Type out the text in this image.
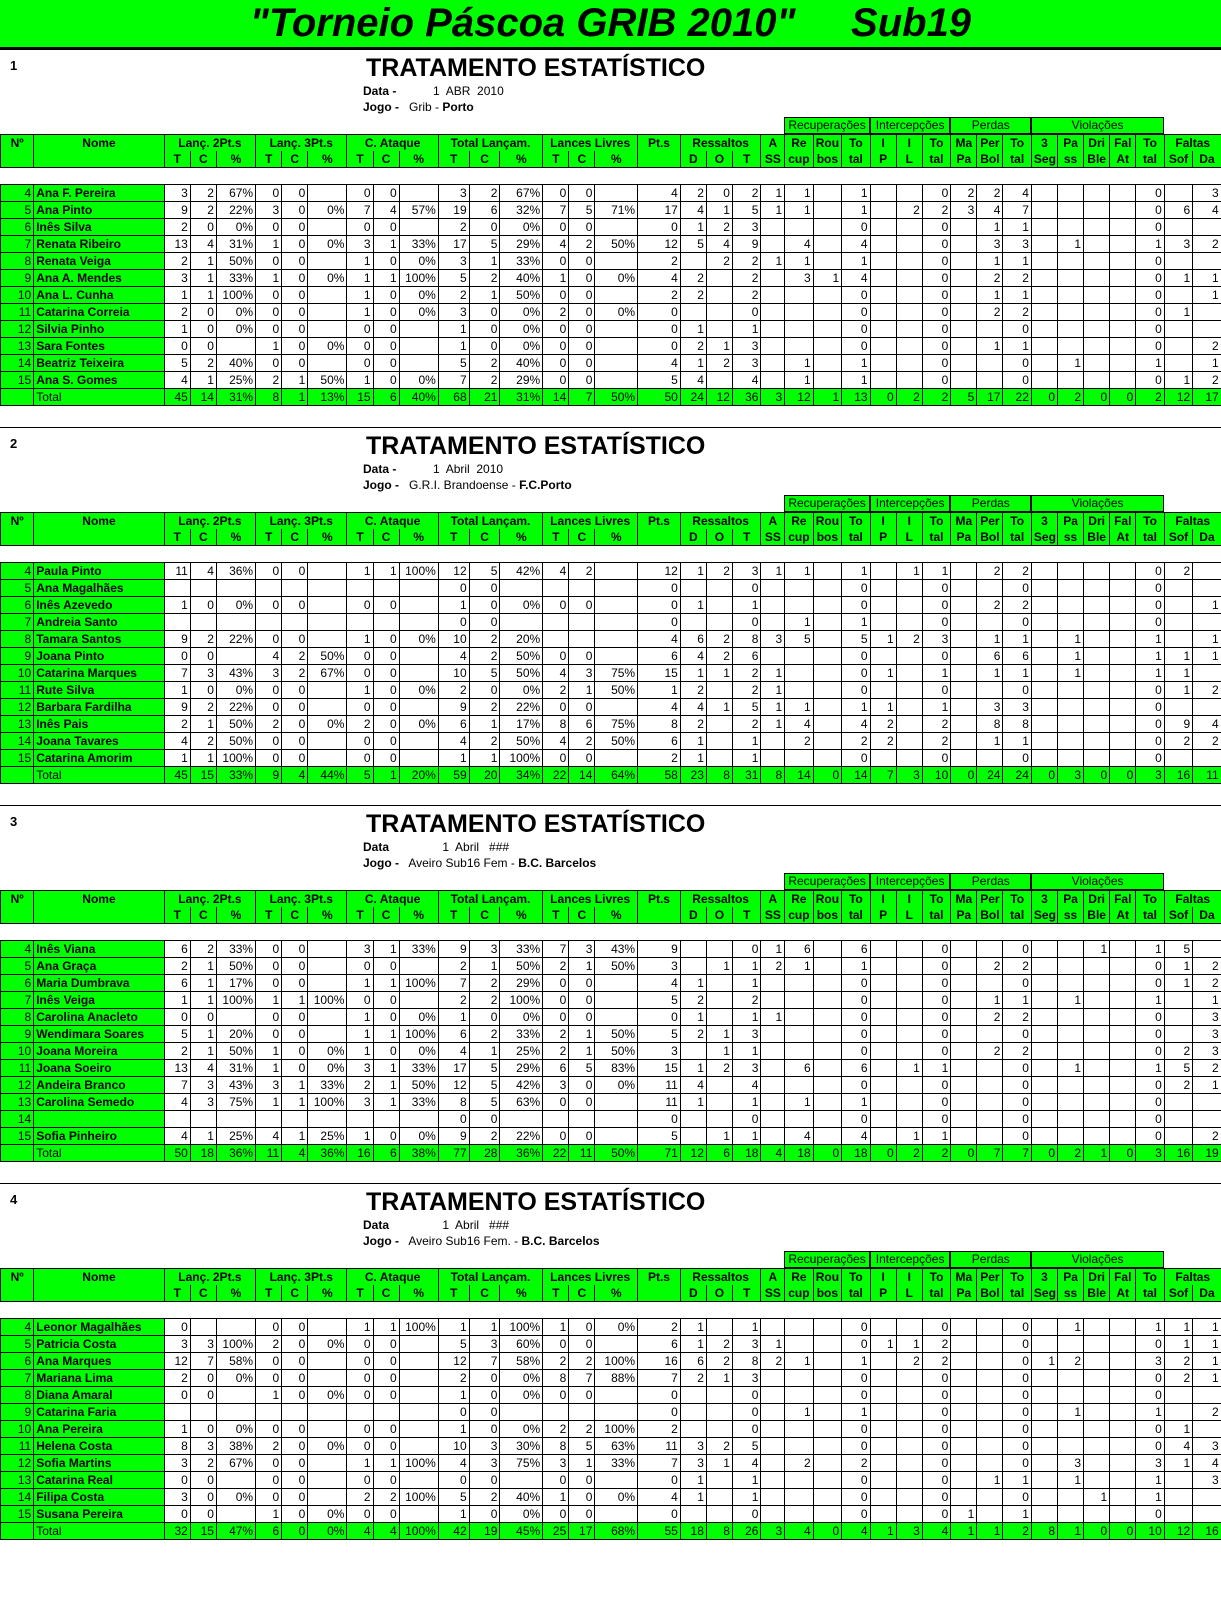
"Torneio Páscoa GRIB 2010"     Sub19
1	TRATAMENTO ESTATÍSTICO
Data -	1  ABR  2010
Jogo - Grib - Porto
Recuperações Intercepções	Perdas	Violações
Nº	Nome	Lanç. 2Pt.s			Lanç. 3Pt.s			C. Ataque			Total Lançam.			Lances Livres			Pt.s	Ressaltos			A	Re	Rou	To	I	I	To	Ma	Per	To	3	Pa	Dri	Fal	To	Faltas	
		T	C	%	T	C	%	T	C	%	T	C	%	T	C	%		D	O	T	SS	cup	bos	tal	P	L	tal	Pa	Bol	tal	Seg	ss	Ble	At	tal	Sof	Da

4	Ana F. Pereira	3	2	67%	0	0		0	0		3	2	67%	0	0		4	2	0	2	1	1		1			0	2	2	4					0		3
5	Ana Pinto	9	2	22%	3	0	0%	7	4	57%	19	6	32%	7	5	71%	17	4	1	5	1	1		1		2	2	3	4	7					0	6	4
6	Inês Silva	2	0	0%	0	0		0	0		2	0	0%	0	0		0	1	2	3				0			0		1	1					0		
7	Renata Ribeiro	13	4	31%	1	0	0%	3	1	33%	17	5	29%	4	2	50%	12	5	4	9		4		4			0		3	3		1			1	3	2
8	Renata Veiga	2	1	50%	0	0		1	0	0%	3	1	33%	0	0		2		2	2	1	1		1			0		1	1					0		
9	Ana A. Mendes	3	1	33%	1	0	0%	1	1	100%	5	2	40%	1	0	0%	4	2		2		3	1	4			0		2	2					0	1	1
10	Ana L. Cunha	1	1	100%	0	0		1	0	0%	2	1	50%	0	0		2	2		2				0			0		1	1					0		1
11	Catarina Correia	2	0	0%	0	0		1	0	0%	3	0	0%	2	0	0%	0			0				0			0		2	2					0	1	
12	Silvia Pinho	1	0	0%	0	0		0	0		1	0	0%	0	0		0	1		1				0			0			0					0		
13	Sara Fontes	0	0		1	0	0%	0	0		1	0	0%	0	0		0	2	1	3				0			0		1	1					0		2
14	Beatriz Teixeira	5	2	40%	0	0		0	0		5	2	40%	0	0		4	1	2	3		1		1			0			0		1			1		1
15	Ana S. Gomes	4	1	25%	2	1	50%	1	0	0%	7	2	29%	0	0		5	4		4		1		1			0			0					0	1	2
	Total	45	14	31%	8	1	13%	15	6	40%	68	21	31%	14	7	50%	50	24	12	36	3	12	1	13	0	2	2	5	17	22	0	2	0	0	2	12	17
2	TRATAMENTO ESTATÍSTICO
Data -	1  Abril  2010
Jogo - G.R.I. Brandoense - F.C.Porto
Recuperações Intercepções	Perdas	Violações
Nº	Nome	Lanç. 2Pt.s			Lanç. 3Pt.s			C. Ataque			Total Lançam.			Lances Livres			Pt.s	Ressaltos			A	Re	Rou	To	I	I	To	Ma	Per	To	3	Pa	Dri	Fal	To	Faltas	
		T	C	%	T	C	%	T	C	%	T	C	%	T	C	%		D	O	T	SS	cup	bos	tal	P	L	tal	Pa	Bol	tal	Seg	ss	Ble	At	tal	Sof	Da

4	Paula Pinto	11	4	36%	0	0		1	1	100%	12	5	42%	4	2		12	1	2	3	1	1		1		1	1		2	2					0	2	
5	Ana Magalhães										0	0					0			0				0			0			0					0		
6	Inês Azevedo	1	0	0%	0	0		0	0		1	0	0%	0	0		0	1		1				0			0		2	2					0		1
7	Andreia Santo										0	0					0			0		1		1			0			0					0		
8	Tamara Santos	9	2	22%	0	0		1	0	0%	10	2	20%				4	6	2	8	3	5		5	1	2	3		1	1		1			1		1
9	Joana Pinto	0	0		4	2	50%	0	0		4	2	50%	0	0		6	4	2	6				0			0		6	6		1			1	1	1
10	Catarina Marques	7	3	43%	3	2	67%	0	0		10	5	50%	4	3	75%	15	1	1	2	1			0	1		1		1	1		1			1	1	
11	Rute Silva	1	0	0%	0	0		1	0	0%	2	0	0%	2	1	50%	1	2		2	1			0			0			0					0	1	2
12	Barbara Fardilha	9	2	22%	0	0		0	0		9	2	22%	0	0		4	4	1	5	1	1		1	1		1		3	3					0		
13	Inês Pais	2	1	50%	2	0	0%	2	0	0%	6	1	17%	8	6	75%	8	2		2	1	4		4	2		2		8	8					0	9	4
14	Joana Tavares	4	2	50%	0	0		0	0		4	2	50%	4	2	50%	6	1		1		2		2	2		2		1	1					0	2	2
15	Catarina Amorim	1	1	100%	0	0		0	0		1	1	100%	0	0		2	1		1				0			0			0					0		
	Total	45	15	33%	9	4	44%	5	1	20%	59	20	34%	22	14	64%	58	23	8	31	8	14	0	14	7	3	10	0	24	24	0	3	0	0	3	16	11
3	TRATAMENTO ESTATÍSTICO
Data	1  Abril   ###
Jogo - Aveiro Sub16 Fem - B.C. Barcelos
Recuperações Intercepções	Perdas	Violações
Nº	Nome	Lanç. 2Pt.s			Lanç. 3Pt.s			C. Ataque			Total Lançam.			Lances Livres			Pt.s	Ressaltos			A	Re	Rou	To	I	I	To	Ma	Per	To	3	Pa	Dri	Fal	To	Faltas	
		T	C	%	T	C	%	T	C	%	T	C	%	T	C	%		D	O	T	SS	cup	bos	tal	P	L	tal	Pa	Bol	tal	Seg	ss	Ble	At	tal	Sof	Da

4	Inês Viana	6	2	33%	0	0		3	1	33%	9	3	33%	7	3	43%	9			0	1	6		6			0			0			1		1	5	
5	Ana Graça	2	1	50%	0	0		0	0		2	1	50%	2	1	50%	3		1	1	2	1		1			0		2	2					0	1	2
6	Maria Dumbrava	6	1	17%	0	0		1	1	100%	7	2	29%	0	0		4	1		1				0			0			0					0	1	2
7	Inês Veiga	1	1	100%	1	1	100%	0	0		2	2	100%	0	0		5	2		2				0			0		1	1		1			1		1
8	Carolina Anacleto	0	0		0	0		1	0	0%	1	0	0%	0	0		0	1		1	1			0			0		2	2					0		3
9	Wendimara Soares	5	1	20%	0	0		1	1	100%	6	2	33%	2	1	50%	5	2	1	3				0			0			0					0		3
10	Joana Moreira	2	1	50%	1	0	0%	1	0	0%	4	1	25%	2	1	50%	3		1	1				0			0		2	2					0	2	3
11	Joana Soeiro	13	4	31%	1	0	0%	3	1	33%	17	5	29%	6	5	83%	15	1	2	3		6		6		1	1			0		1			1	5	2
12	Andeira Branco	7	3	43%	3	1	33%	2	1	50%	12	5	42%	3	0	0%	11	4		4				0			0			0					0	2	1
13	Carolina Semedo	4	3	75%	1	1	100%	3	1	33%	8	5	63%	0	0		11	1		1		1		1			0			0					0		
14											0	0					0			0				0			0			0					0		
15	Sofia Pinheiro	4	1	25%	4	1	25%	1	0	0%	9	2	22%	0	0		5		1	1		4		4		1	1			0					0		2
	Total	50	18	36%	11	4	36%	16	6	38%	77	28	36%	22	11	50%	71	12	6	18	4	18	0	18	0	2	2	0	7	7	0	2	1	0	3	16	19
4	TRATAMENTO ESTATÍSTICO
Data	1  Abril   ###
Jogo - Aveiro Sub16 Fem. - B.C. Barcelos
Recuperações Intercepções	Perdas	Violações
Nº	Nome	Lanç. 2Pt.s			Lanç. 3Pt.s			C. Ataque			Total Lançam.			Lances Livres			Pt.s	Ressaltos			A	Re	Rou	To	I	I	To	Ma	Per	To	3	Pa	Dri	Fal	To	Faltas	
		T	C	%	T	C	%	T	C	%	T	C	%	T	C	%		D	O	T	SS	cup	bos	tal	P	L	tal	Pa	Bol	tal	Seg	ss	Ble	At	tal	Sof	Da

4	Leonor Magalhães	0			0	0		1	1	100%	1	1	100%	1	0	0%	2	1		1				0			0			0		1			1	1	1
5	Patricia Costa	3	3	100%	2	0	0%	0	0		5	3	60%	0	0		6	1	2	3	1			0	1	1	2			0					0	1	1
6	Ana Marques	12	7	58%	0	0		0	0		12	7	58%	2	2	100%	16	6	2	8	2	1		1		2	2			0	1	2			3	2	1
7	Mariana Lima	2	0	0%	0	0		0	0		2	0	0%	8	7	88%	7	2	1	3				0			0			0					0	2	1
8	Diana Amaral	0	0		1	0	0%	0	0		1	0	0%	0	0		0			0				0			0			0					0		
9	Catarina Faria										0	0					0			0		1		1			0			0		1			1		2
10	Ana Pereira	1	0	0%	0	0		0	0		1	0	0%	2	2	100%	2			0				0			0			0					0	1	
11	Helena Costa	8	3	38%	2	0	0%	0	0		10	3	30%	8	5	63%	11	3	2	5				0			0			0					0	4	3
12	Sofia Martins	3	2	67%	0	0		1	1	100%	4	3	75%	3	1	33%	7	3	1	4		2		2			0			0		3			3	1	4
13	Catarina Real	0	0		0	0		0	0		0	0		0	0		0	1		1				0			0		1	1		1			1		3
14	Filipa Costa	3	0	0%	0	0		2	2	100%	5	2	40%	1	0	0%	4	1		1				0			0			0			1		1		
15	Susana Pereira	0	0		1	0	0%	0	0		1	0	0%	0	0		0			0				0			0	1		1					0		
	Total	32	15	47%	6	0	0%	4	4	100%	42	19	45%	25	17	68%	55	18	8	26	3	4	0	4	1	3	4	1	1	2	8	1	0	0	10	12	16
